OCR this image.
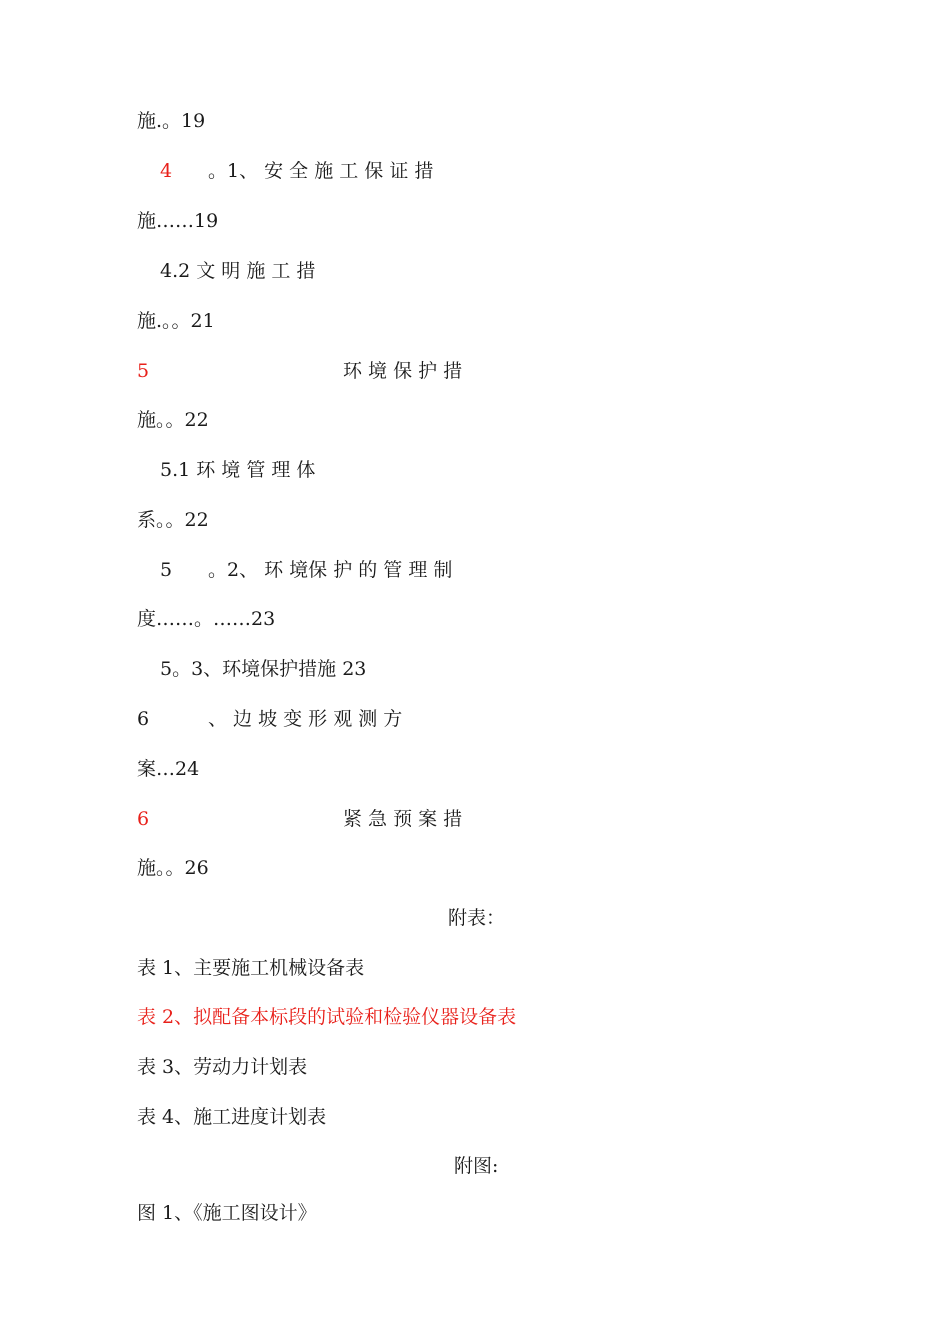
施.。19
4 。1、 安 全 施 工 保 证 措
施……19
4.2 文 明 施 工 措
施.。。21
5	环 境 保 护 措
施。。22
5.1 环 境 管 理 体
系。。22
5 。2、 环 境保 护 的 管 理 制
度……。……23
5。3、环境保护措施 23
6	、 边 坡 变 形 观 测 方
案…24
6	紧 急 预 案 措
施。。26
附表：
表 1、主要施工机械设备表
表 2、拟配备本标段的试验和检验仪器设备表
表 3、劳动力计划表
表 4、施工进度计划表
附图:
图 1、《施工图设计》
